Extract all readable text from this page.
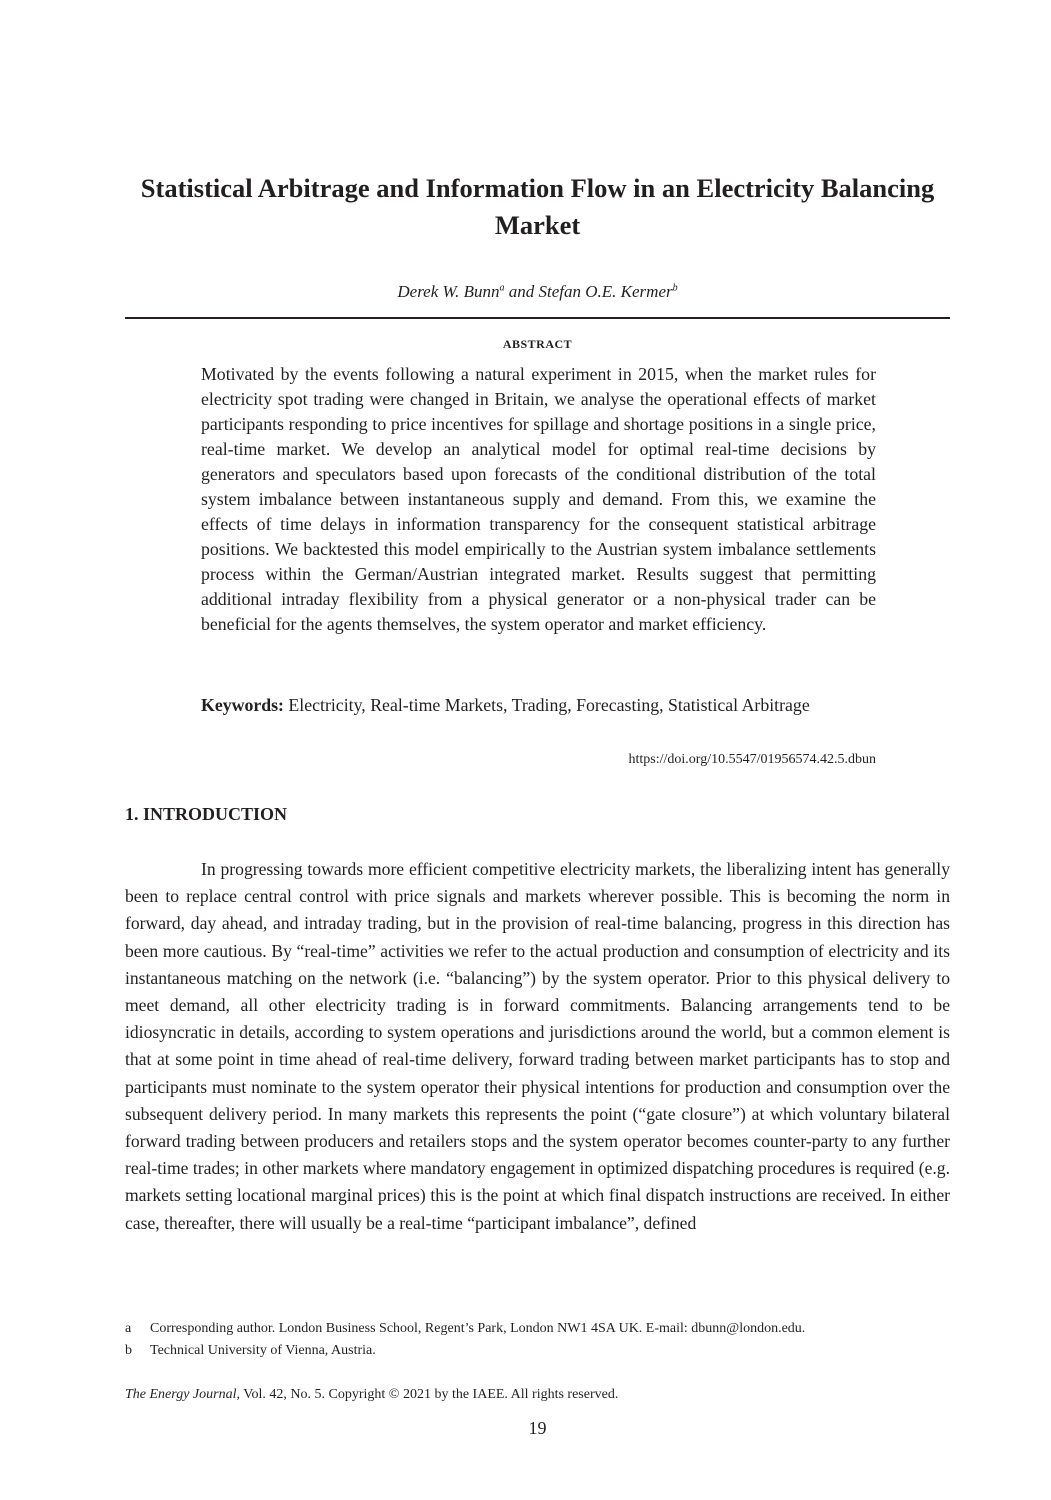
Statistical Arbitrage and Information Flow in an Electricity Balancing Market
Derek W. Bunn$^a$ and Stefan O.E. Kermer$^b$
ABSTRACT
Motivated by the events following a natural experiment in 2015, when the market rules for electricity spot trading were changed in Britain, we analyse the operational effects of market participants responding to price incentives for spillage and shortage positions in a single price, real-time market. We develop an analytical model for optimal real-time decisions by generators and speculators based upon forecasts of the conditional distribution of the total system imbalance between instantaneous supply and demand. From this, we examine the effects of time delays in information transparency for the consequent statistical arbitrage positions. We backtested this model empirically to the Austrian system imbalance settlements process within the German/Austrian integrated market. Results suggest that permitting additional intraday flexibility from a physical generator or a non-physical trader can be beneficial for the agents themselves, the system operator and market efficiency.
Keywords: Electricity, Real-time Markets, Trading, Forecasting, Statistical Arbitrage
https://doi.org/10.5547/01956574.42.5.dbun
1. INTRODUCTION
In progressing towards more efficient competitive electricity markets, the liberalizing intent has generally been to replace central control with price signals and markets wherever possible. This is becoming the norm in forward, day ahead, and intraday trading, but in the provision of real-time balancing, progress in this direction has been more cautious. By “real-time” activities we refer to the actual production and consumption of electricity and its instantaneous matching on the network (i.e. “balancing”) by the system operator. Prior to this physical delivery to meet demand, all other electricity trading is in forward commitments. Balancing arrangements tend to be idiosyncratic in details, according to system operations and jurisdictions around the world, but a common element is that at some point in time ahead of real-time delivery, forward trading between market participants has to stop and participants must nominate to the system operator their physical intentions for production and consumption over the subsequent delivery period. In many markets this represents the point (“gate closure”) at which voluntary bilateral forward trading between producers and retailers stops and the system operator becomes counter-party to any further real-time trades; in other markets where mandatory engagement in optimized dispatching procedures is required (e.g. markets setting locational marginal prices) this is the point at which final dispatch instructions are received. In either case, thereafter, there will usually be a real-time “participant imbalance”, defined
a	Corresponding author. London Business School, Regent’s Park, London NW1 4SA UK. E-mail: dbunn@london.edu.
b	Technical University of Vienna, Austria.
The Energy Journal, Vol. 42, No. 5. Copyright © 2021 by the IAEE. All rights reserved.
19
